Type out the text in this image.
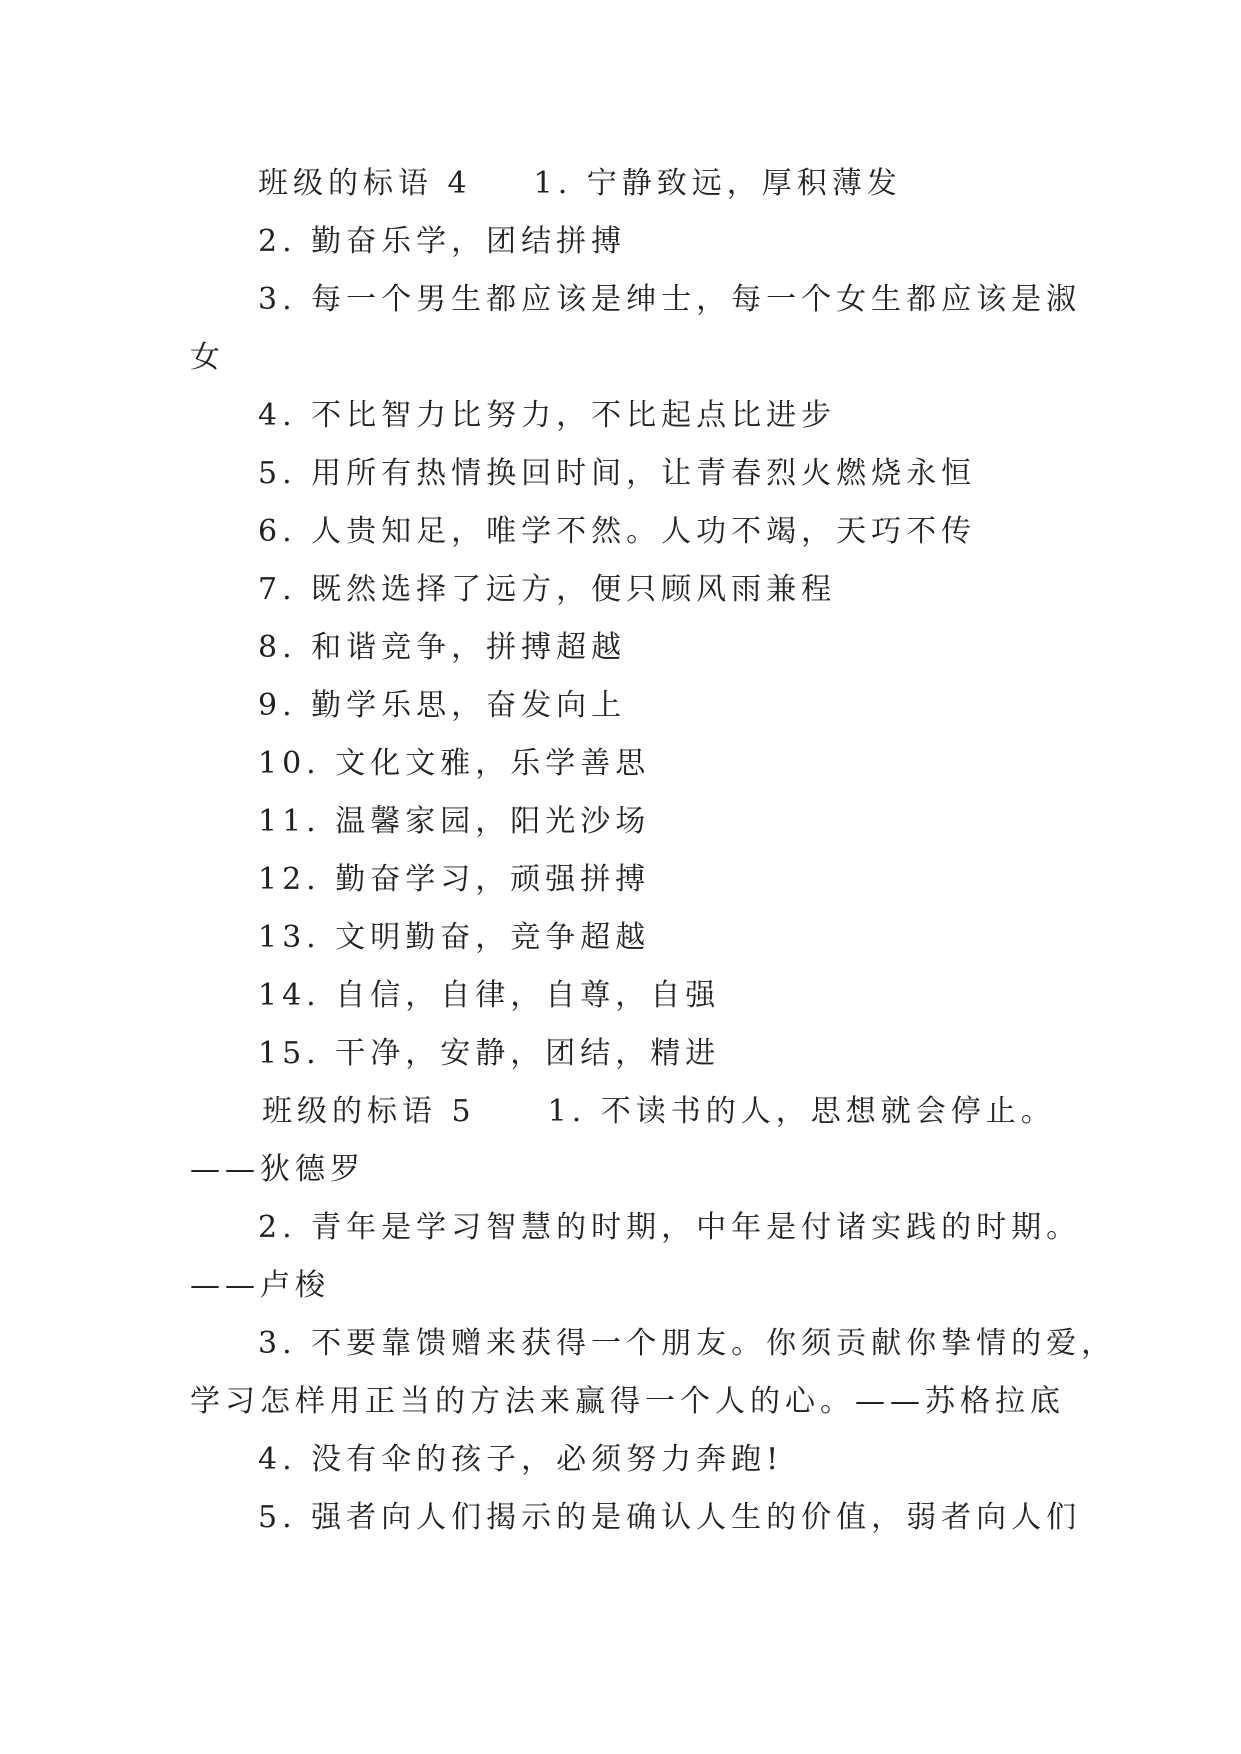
班级的标语 4 1. 宁静致远，厚积薄发
2. 勤奋乐学，团结拼搏
3. 每一个男生都应该是绅士，每一个女生都应该是淑
女
4. 不比智力比努力，不比起点比进步
5. 用所有热情换回时间，让青春烈火燃烧永恒
6. 人贵知足，唯学不然。人功不竭，天巧不传
7. 既然选择了远方，便只顾风雨兼程
8. 和谐竞争，拼搏超越
9. 勤学乐思，奋发向上
10. 文化文雅，乐学善思
11. 温馨家园，阳光沙场
12. 勤奋学习，顽强拼搏
13. 文明勤奋，竞争超越
14. 自信，自律，自尊，自强
15. 干净，安静，团结，精进
班级的标语 5 1. 不读书的人，思想就会停止。
——狄德罗
2. 青年是学习智慧的时期，中年是付诸实践的时期。
——卢梭
3. 不要靠馈赠来获得一个朋友。你须贡献你挚情的爱，
学习怎样用正当的方法来赢得一个人的心。——苏格拉底
4. 没有伞的孩子，必须努力奔跑!
5. 强者向人们揭示的是确认人生的价值，弱者向人们
